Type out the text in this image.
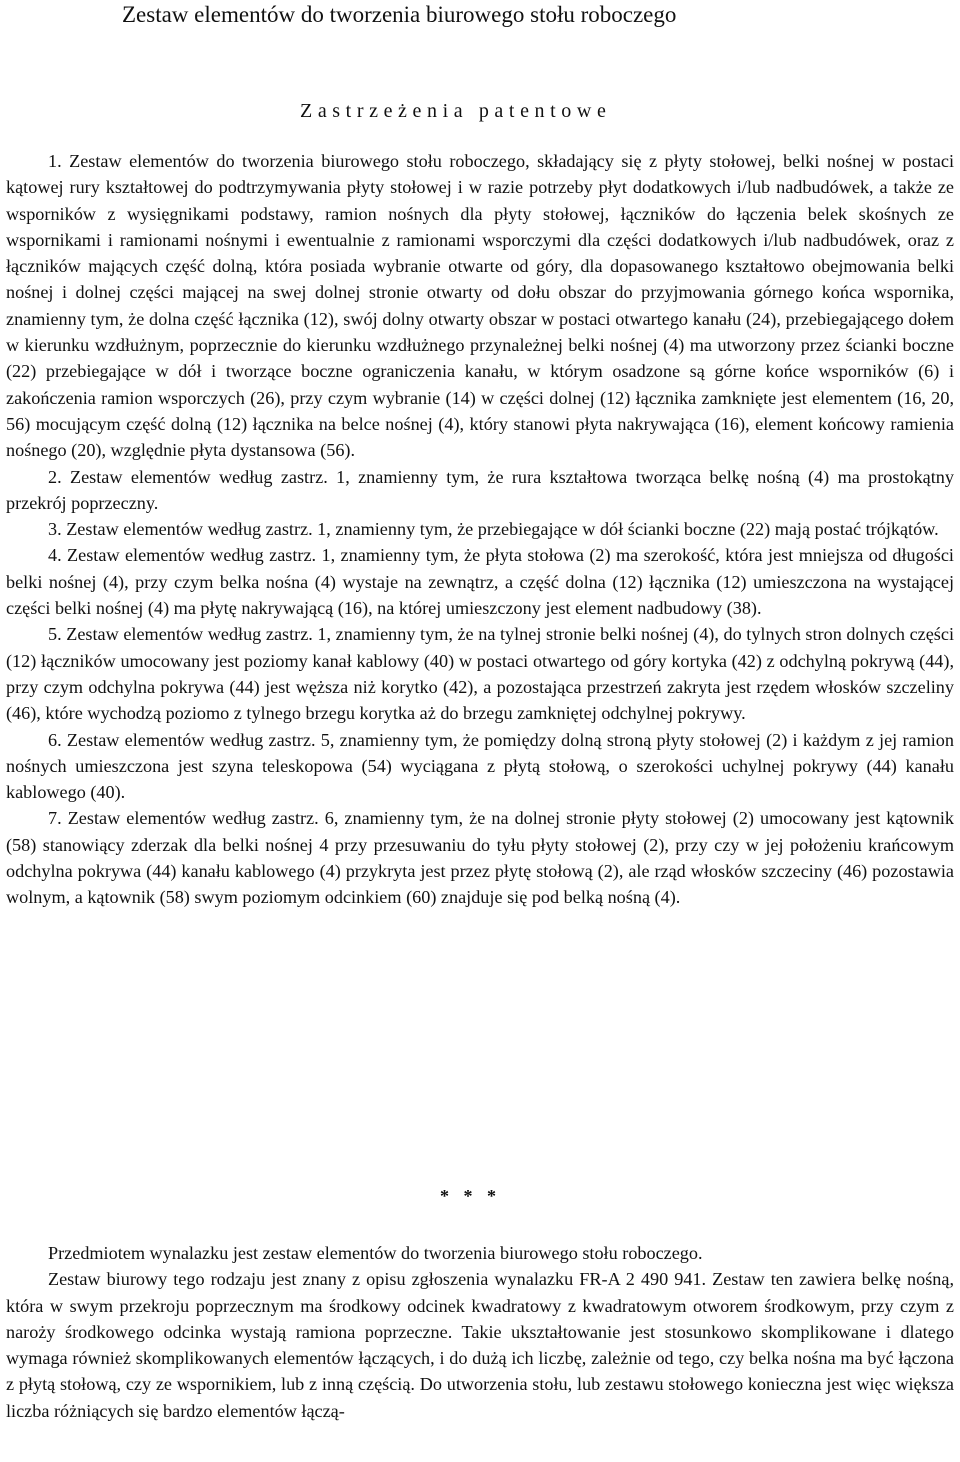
Zestaw elementów do tworzenia biurowego stołu roboczego
Zastrzeżenia patentowe

1. Zestaw elementów do tworzenia biurowego stołu roboczego, składający się z płyty stołowej, belki nośnej w postaci kątowej rury kształtowej do podtrzymywania płyty stołowej i w razie potrzeby płyt dodatkowych i/lub nadbudówek, a także ze wsporników z wysięgnikami podstawy, ramion nośnych dla płyty stołowej, łączników do łączenia belek skośnych ze wspornikami i ramionami nośnymi i ewentualnie z ramionami wsporczymi dla części dodatkowych i/lub nadbudówek, oraz z łączników mających część dolną, która posiada wybranie otwarte od góry, dla dopasowanego kształtowo obejmowania belki nośnej i dolnej części mającej na swej dolnej stronie otwarty od dołu obszar do przyjmowania górnego końca wspornika, znamienny tym, że dolna część łącznika (12), swój dolny otwarty obszar w postaci otwartego kanału (24), przebiegającego dołem w kierunku wzdłużnym, poprzecznie do kierunku wzdłużnego przynależnej belki nośnej (4) ma utworzony przez ścianki boczne (22) przebiegające w dół i tworzące boczne ograniczenia kanału, w którym osadzone są górne końce wsporników (6) i zakończenia ramion wsporczych (26), przy czym wybranie (14) w części dolnej (12) łącznika zamknięte jest elementem (16, 20, 56) mocującym część dolną (12) łącznika na belce nośnej (4), który stanowi płyta nakrywająca (16), element końcowy ramienia nośnego (20), względnie płyta dystansowa (56).

2. Zestaw elementów według zastrz. 1, znamienny tym, że rura kształtowa tworząca belkę nośną (4) ma prostokątny przekrój poprzeczny.

3. Zestaw elementów według zastrz. 1, znamienny tym, że przebiegające w dół ścianki boczne (22) mają postać trójkątów.

4. Zestaw elementów według zastrz. 1, znamienny tym, że płyta stołowa (2) ma szerokość, która jest mniejsza od długości belki nośnej (4), przy czym belka nośna (4) wystaje na zewnątrz, a część dolna (12) łącznika (12) umieszczona na wystającej części belki nośnej (4) ma płytę nakrywającą (16), na której umieszczony jest element nadbudowy (38).

5. Zestaw elementów według zastrz. 1, znamienny tym, że na tylnej stronie belki nośnej (4), do tylnych stron dolnych części (12) łączników umocowany jest poziomy kanał kablowy (40) w postaci otwartego od góry kortyka (42) z odchylną pokrywą (44), przy czym odchylna pokrywa (44) jest węższa niż korytko (42), a pozostająca przestrzeń zakryta jest rzędem włosków szczeliny (46), które wychodzą poziomo z tylnego brzegu korytka aż do brzegu zamkniętej odchylnej pokrywy.

6. Zestaw elementów według zastrz. 5, znamienny tym, że pomiędzy dolną stroną płyty stołowej (2) i każdym z jej ramion nośnych umieszczona jest szyna teleskopowa (54) wyciągana z płytą stołową, o szerokości uchylnej pokrywy (44) kanału kablowego (40).

7. Zestaw elementów według zastrz. 6, znamienny tym, że na dolnej stronie płyty stołowej (2) umocowany jest kątownik (58) stanowiący zderzak dla belki nośnej 4 przy przesuwaniu do tyłu płyty stołowej (2), przy czy w jej położeniu krańcowym odchylna pokrywa (44) kanału kablowego (4) przykryta jest przez płytę stołową (2), ale rząd włosków szczeciny (46) pozostawia wolnym, a kątownik (58) swym poziomym odcinkiem (60) znajduje się pod belką nośną (4).

* * *

Przedmiotem wynalazku jest zestaw elementów do tworzenia biurowego stołu roboczego.

Zestaw biurowy tego rodzaju jest znany z opisu zgłoszenia wynalazku FR-A 2 490 941. Zestaw ten zawiera belkę nośną, która w swym przekroju poprzecznym ma środkowy odcinek kwadratowy z kwadratowym otworem środkowym, przy czym z naroży środkowego odcinka wystają ramiona poprzeczne. Takie ukształtowanie jest stosunkowo skomplikowane i dlatego wymaga również skomplikowanych elementów łączących, i do dużą ich liczbę, zależnie od tego, czy belka nośna ma być łączona z płytą stołową, czy ze wspornikiem, lub z inną częścią. Do utworzenia stołu, lub zestawu stołowego konieczna jest więc większa liczba różniących się bardzo elementów łączą-
